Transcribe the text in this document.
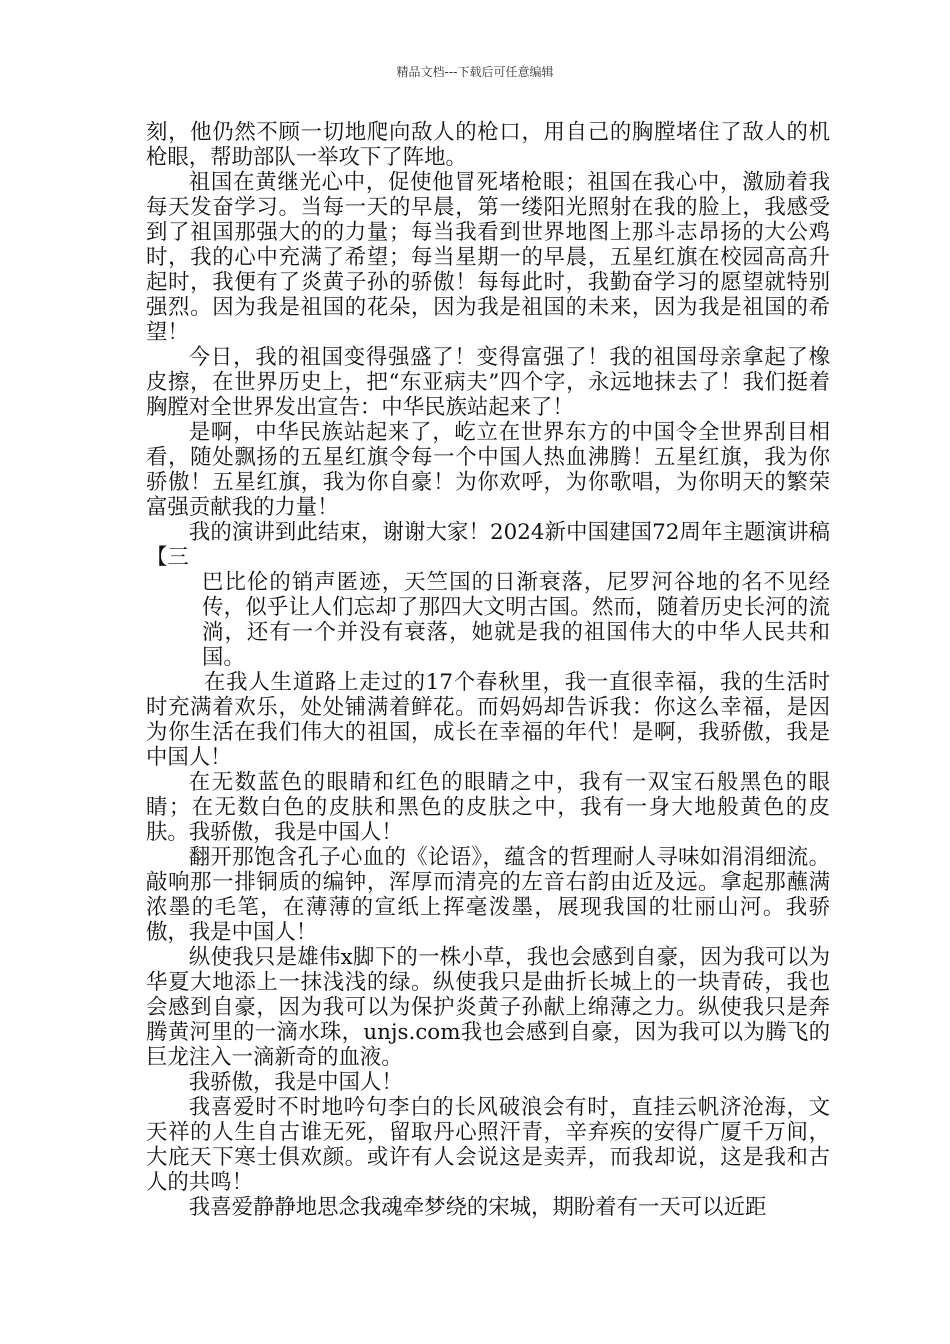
精品文档---下载后可任意编辑

刻，他仍然不顾一切地爬向敌人的枪口，用自己的胸膛堵住了敌人的机枪眼，帮助部队一举攻下了阵地。

祖国在黄继光心中，促使他冒死堵枪眼；祖国在我心中，激励着我每天发奋学习。当每一天的早晨，第一缕阳光照射在我的脸上，我感受到了祖国那强大的的力量；每当我看到世界地图上那斗志昂扬的大公鸡时，我的心中充满了希望；每当星期一的早晨，五星红旗在校园高高升起时，我便有了炎黄子孙的骄傲！每每此时，我勤奋学习的愿望就特别强烈。因为我是祖国的花朵，因为我是祖国的未来，因为我是祖国的希望！

今日，我的祖国变得强盛了！变得富强了！我的祖国母亲拿起了橡皮擦，在世界历史上，把“东亚病夫”四个字，永远地抹去了！我们挺着胸膛对全世界发出宣告：中华民族站起来了！

是啊，中华民族站起来了，屹立在世界东方的中国令全世界刮目相看，随处飘扬的五星红旗令每一个中国人热血沸腾！五星红旗，我为你骄傲！五星红旗，我为你自豪！为你欢呼，为你歌唱，为你明天的繁荣富强贡献我的力量！

我的演讲到此结束，谢谢大家！2024新中国建国72周年主题演讲稿【三

巴比伦的销声匿迹，天竺国的日渐衰落，尼罗河谷地的名不见经传，似乎让人们忘却了那四大文明古国。然而，随着历史长河的流淌，还有一个并没有衰落，她就是我的祖国伟大的中华人民共和国。

在我人生道路上走过的17个春秋里，我一直很幸福，我的生活时时充满着欢乐，处处铺满着鲜花。而妈妈却告诉我：你这么幸福，是因为你生活在我们伟大的祖国，成长在幸福的年代！是啊，我骄傲，我是中国人！

在无数蓝色的眼睛和红色的眼睛之中，我有一双宝石般黑色的眼睛；在无数白色的皮肤和黑色的皮肤之中，我有一身大地般黄色的皮肤。我骄傲，我是中国人！

翻开那饱含孔子心血的《论语》，蕴含的哲理耐人寻味如涓涓细流。敲响那一排铜质的编钟，浑厚而清亮的左音右韵由近及远。拿起那蘸满浓墨的毛笔，在薄薄的宣纸上挥毫泼墨，展现我国的壮丽山河。我骄傲，我是中国人！

纵使我只是雄伟x脚下的一株小草，我也会感到自豪，因为我可以为华夏大地添上一抹浅浅的绿。纵使我只是曲折长城上的一块青砖，我也会感到自豪，因为我可以为保护炎黄子孙献上绵薄之力。纵使我只是奔腾黄河里的一滴水珠，unjs.com我也会感到自豪，因为我可以为腾飞的巨龙注入一滴新奇的血液。

我骄傲，我是中国人！

我喜爱时不时地吟句李白的长风破浪会有时，直挂云帆济沧海，文天祥的人生自古谁无死，留取丹心照汗青，辛弃疾的安得广厦千万间，大庇天下寒士俱欢颜。或许有人会说这是卖弄，而我却说，这是我和古人的共鸣！

我喜爱静静地思念我魂牵梦绕的宋城，期盼着有一天可以近距
